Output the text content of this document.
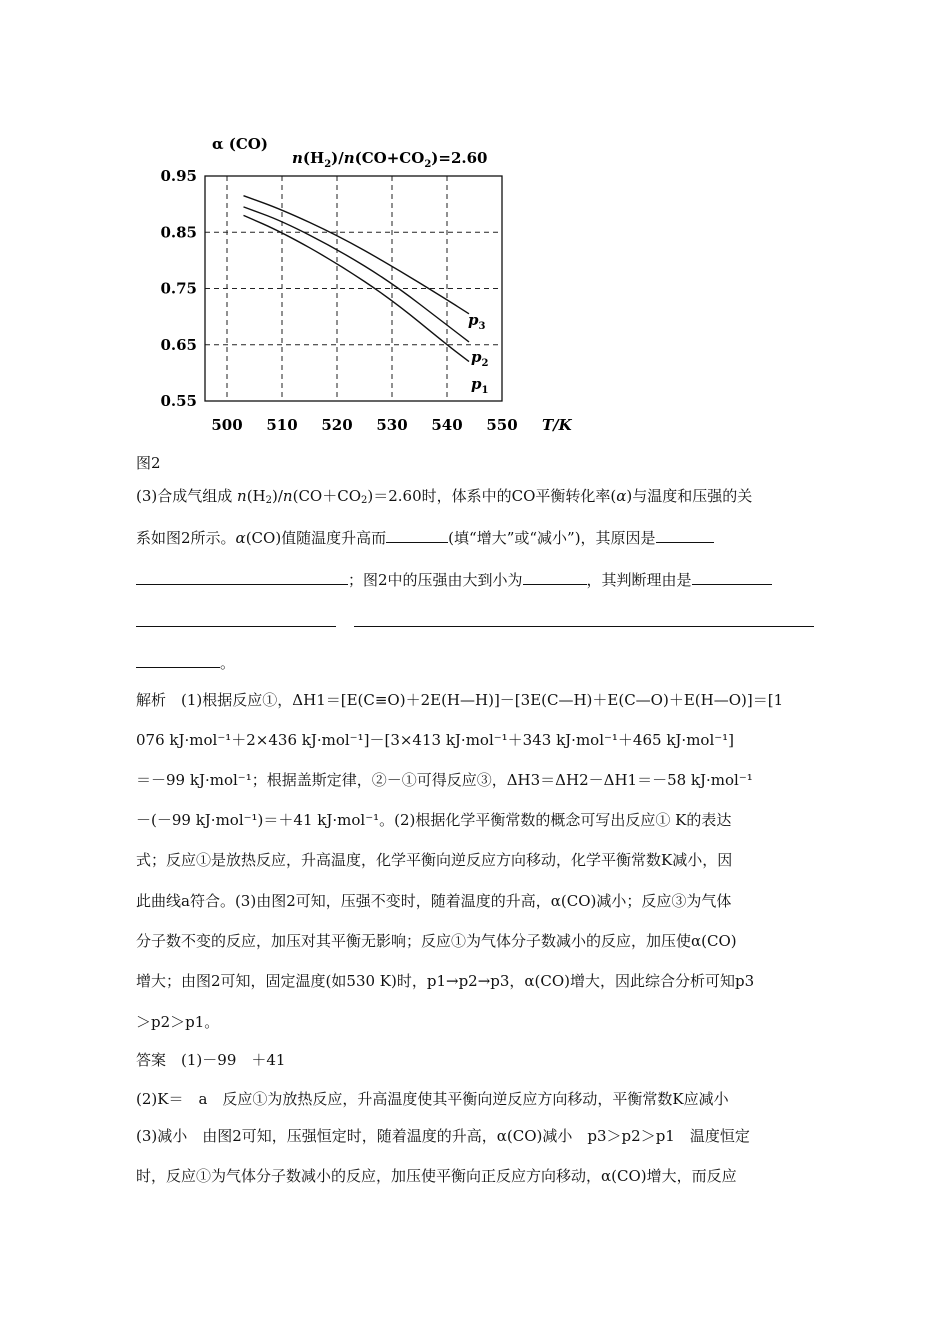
0.95
0.85
0.75
0.65
0.55
500 510 520 530 540 550
α (CO)
T/K
$n(H_2)/n(CO+CO_2)=2.60$
$p_3$
$p_2$
$p_1$
图2
(3)合成气组成 $n(H_2)/n(CO+CO_2)=2.60$时，体系中的CO平衡转化率(α)与温度和压强的关
系如图2所示。α(CO)值随温度升高而	(填“增大”或“减小”)，其原因是
；图2中的压强由大到小为	，其判断理由是
。
解析　 (1)根据反应①，ΔH1＝[E(C≡O)＋2E(H—H)]－[3E(C—H)＋E(C—O)＋E(H—O)]＝[1
076 kJ·mol⁻¹＋2×436 kJ·mol⁻¹]－[3×413 kJ·mol⁻¹＋343 kJ·mol⁻¹＋465 kJ·mol⁻¹]
＝－99 kJ·mol⁻¹；根据盖斯定律，②－①可得反应③，ΔH3＝ΔH2－ΔH1＝－58 kJ·mol⁻¹
－(－99 kJ·mol⁻¹)＝＋41 kJ·mol⁻¹。(2)根据化学平衡常数的概念可写出反应① K的表达
式；反应①是放热反应，升高温度，化学平衡向逆反应方向移动，化学平衡常数K减小，因
此曲线a符合。(3)由图2可知，压强不变时，随着温度的升高，α(CO)减小；反应③为气体
分子数不变的反应，加压对其平衡无影响；反应①为气体分子数减小的反应，加压使α(CO)
增大；由图2可知，固定温度(如530 K)时，p1→p2→p3，α(CO)增大，因此综合分析可知p3
＞p2＞p1。
答案　 (1)－99　＋41
(2)K＝　a　反应①为放热反应，升高温度使其平衡向逆反应方向移动，平衡常数K应减小
(3)减小　由图2可知，压强恒定时，随着温度的升高，α(CO)减小　p3＞p2＞p1　温度恒定
时，反应①为气体分子数减小的反应，加压使平衡向正反应方向移动，α(CO)增大，而反应
